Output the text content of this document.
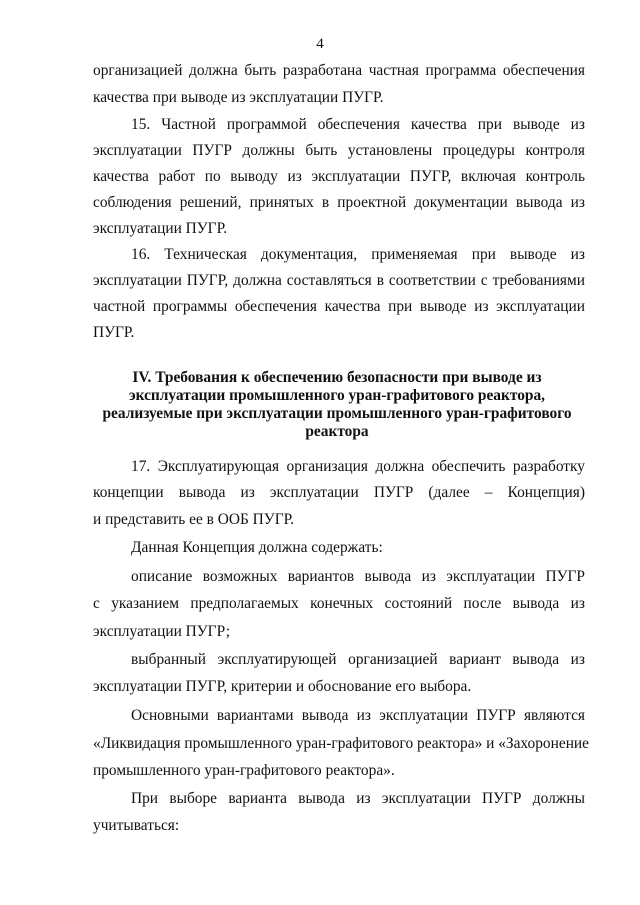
4
организацией должна быть разработана частная программа обеспечения
качества при выводе из эксплуатации ПУГР.
15. Частной программой обеспечения качества при выводе из
эксплуатации ПУГР должны быть установлены процедуры контроля
качества работ по выводу из эксплуатации ПУГР, включая контроль
соблюдения решений, принятых в проектной документации вывода из
эксплуатации ПУГР.
16. Техническая документация, применяемая при выводе из
эксплуатации ПУГР, должна составляться в соответствии с требованиями
частной программы обеспечения качества при выводе из эксплуатации
ПУГР.
IV. Требования к обеспечению безопасности при выводе из
эксплуатации промышленного уран-графитового реактора,
реализуемые при эксплуатации промышленного уран-графитового
реактора
17. Эксплуатирующая организация должна обеспечить разработку
концепции вывода из эксплуатации ПУГР (далее – Концепция)
и представить ее в ООБ ПУГР.
Данная Концепция должна содержать:
описание возможных вариантов вывода из эксплуатации ПУГР
с указанием предполагаемых конечных состояний после вывода из
эксплуатации ПУГР;
выбранный эксплуатирующей организацией вариант вывода из
эксплуатации ПУГР, критерии и обоснование его выбора.
Основными вариантами вывода из эксплуатации ПУГР являются
«Ликвидация промышленного уран-графитового реактора» и «Захоронение
промышленного уран-графитового реактора».
При выборе варианта вывода из эксплуатации ПУГР должны
учитываться:
